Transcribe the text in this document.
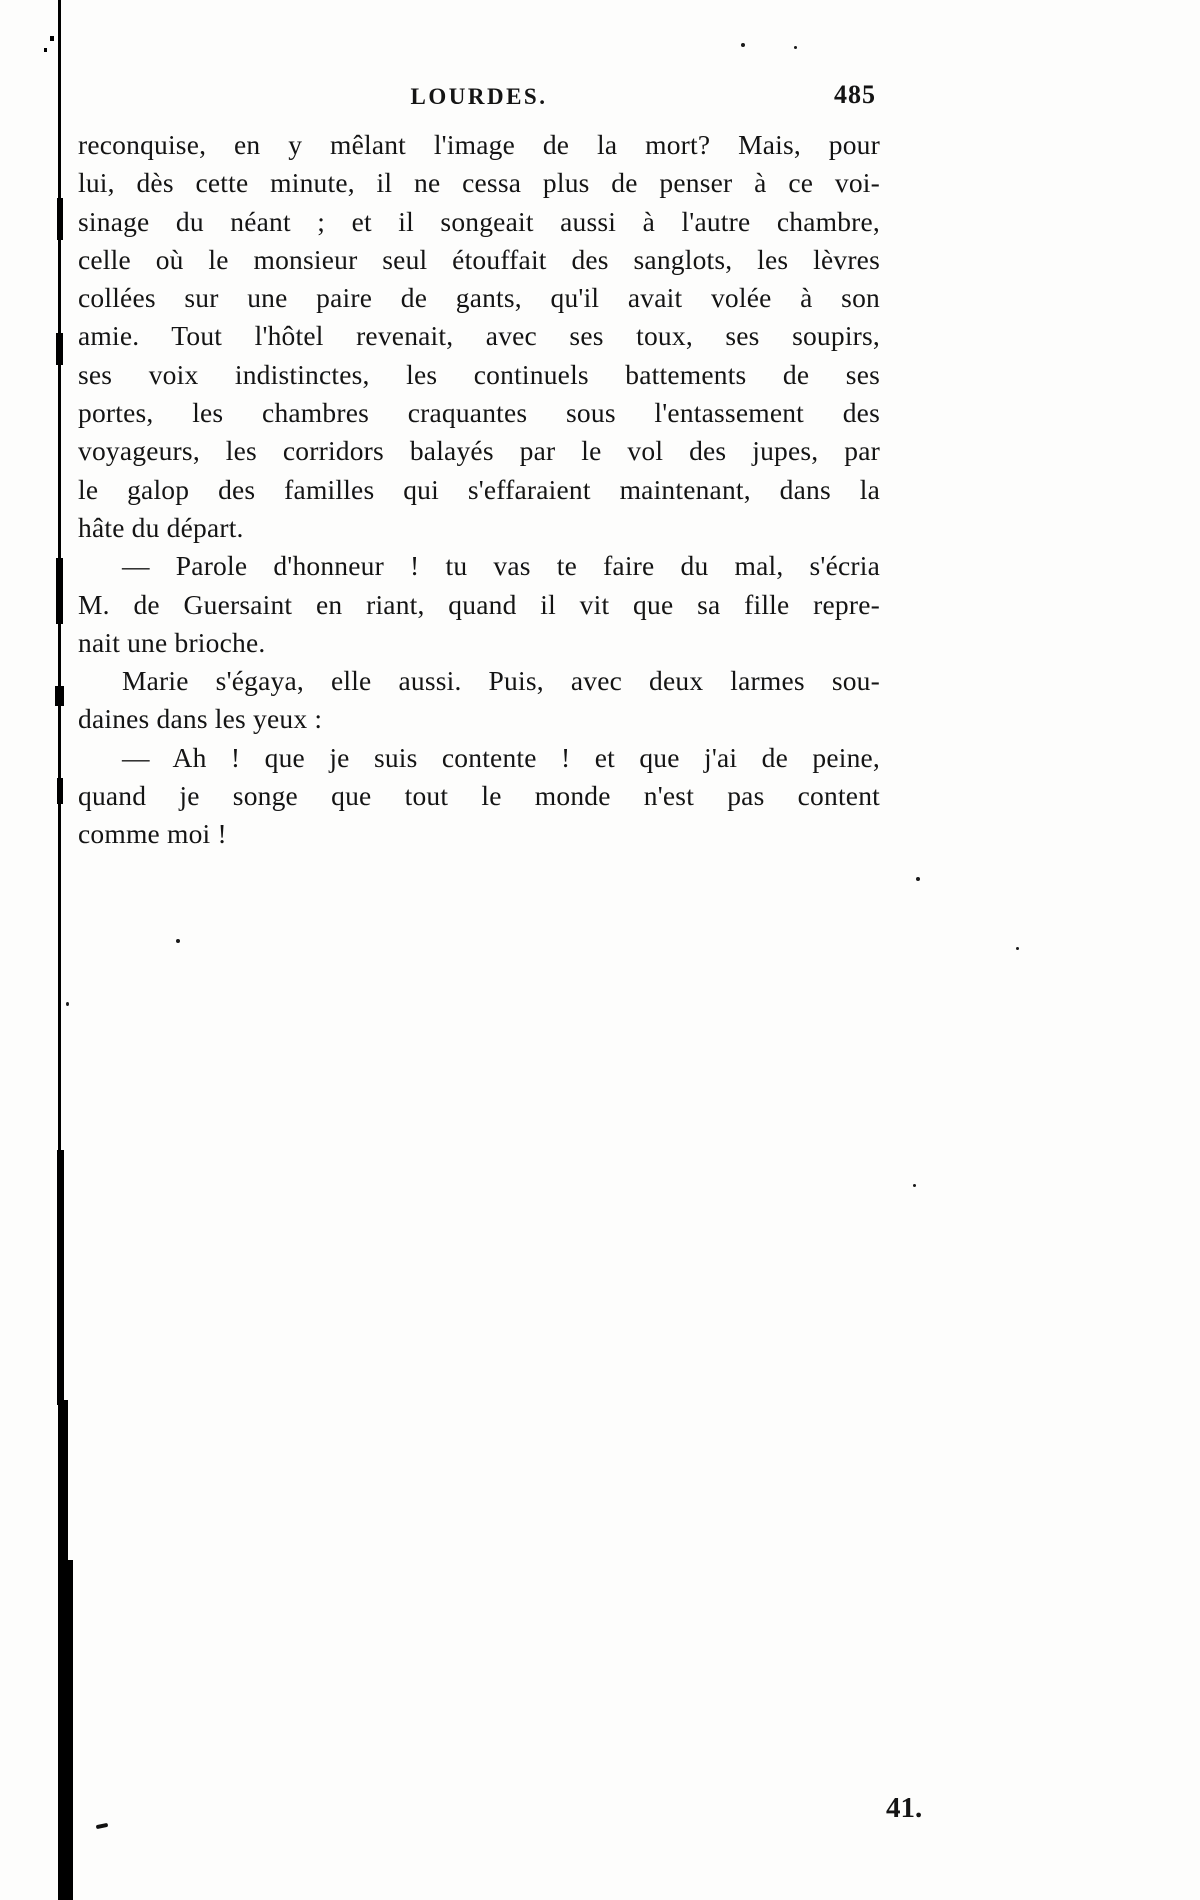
LOURDES.	485
reconquise, en y mêlant l'image de la mort? Mais, pour
lui, dès cette minute, il ne cessa plus de penser à ce voi-
sinage du néant ; et il songeait aussi à l'autre chambre,
celle où le monsieur seul étouffait des sanglots, les lèvres
collées sur une paire de gants, qu'il avait volée à son
amie. Tout l'hôtel revenait, avec ses toux, ses soupirs,
ses voix indistinctes, les continuels battements de ses
portes, les chambres craquantes sous l'entassement des
voyageurs, les corridors balayés par le vol des jupes, par
le galop des familles qui s'effaraient maintenant, dans la
hâte du départ.
— Parole d'honneur ! tu vas te faire du mal, s'écria
M. de Guersaint en riant, quand il vit que sa fille repre-
nait une brioche.
Marie s'égaya, elle aussi. Puis, avec deux larmes sou-
daines dans les yeux :
— Ah ! que je suis contente ! et que j'ai de peine,
quand je songe que tout le monde n'est pas content
comme moi !
41.
